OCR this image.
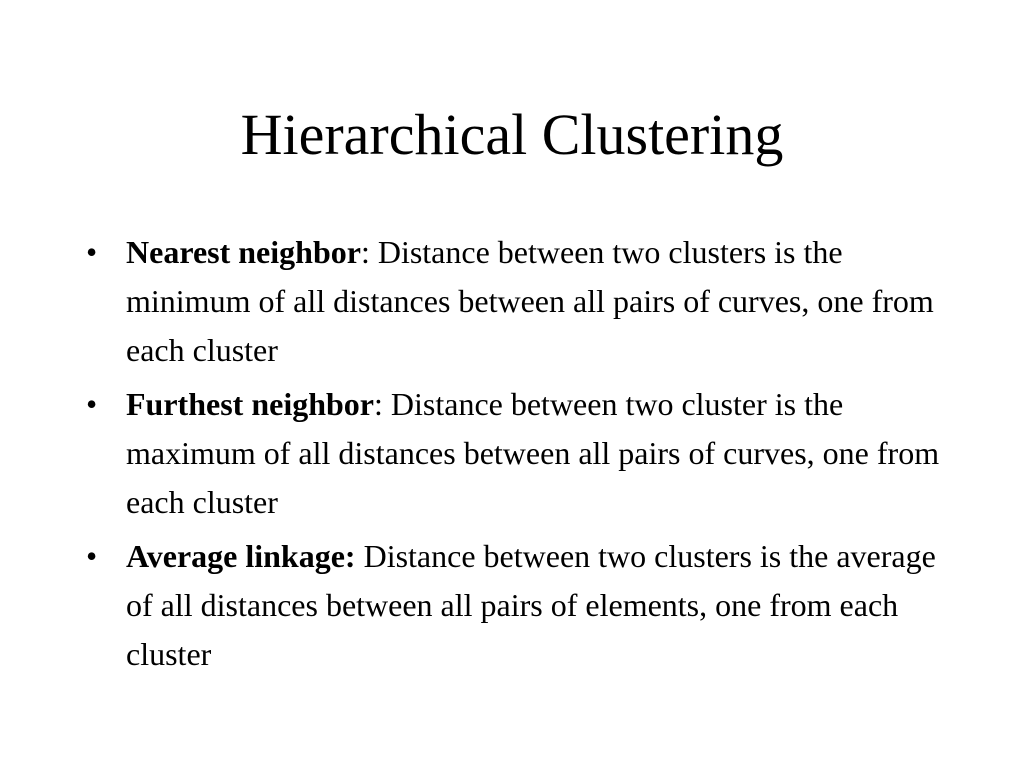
Hierarchical Clustering
• Nearest neighbor: Distance between two clusters is the minimum of all distances between all pairs of curves, one from each cluster
• Furthest neighbor: Distance between two cluster is the maximum of all distances between all pairs of curves, one from each cluster
• Average linkage: Distance between two clusters is the average of all distances between all pairs of elements, one from each cluster
